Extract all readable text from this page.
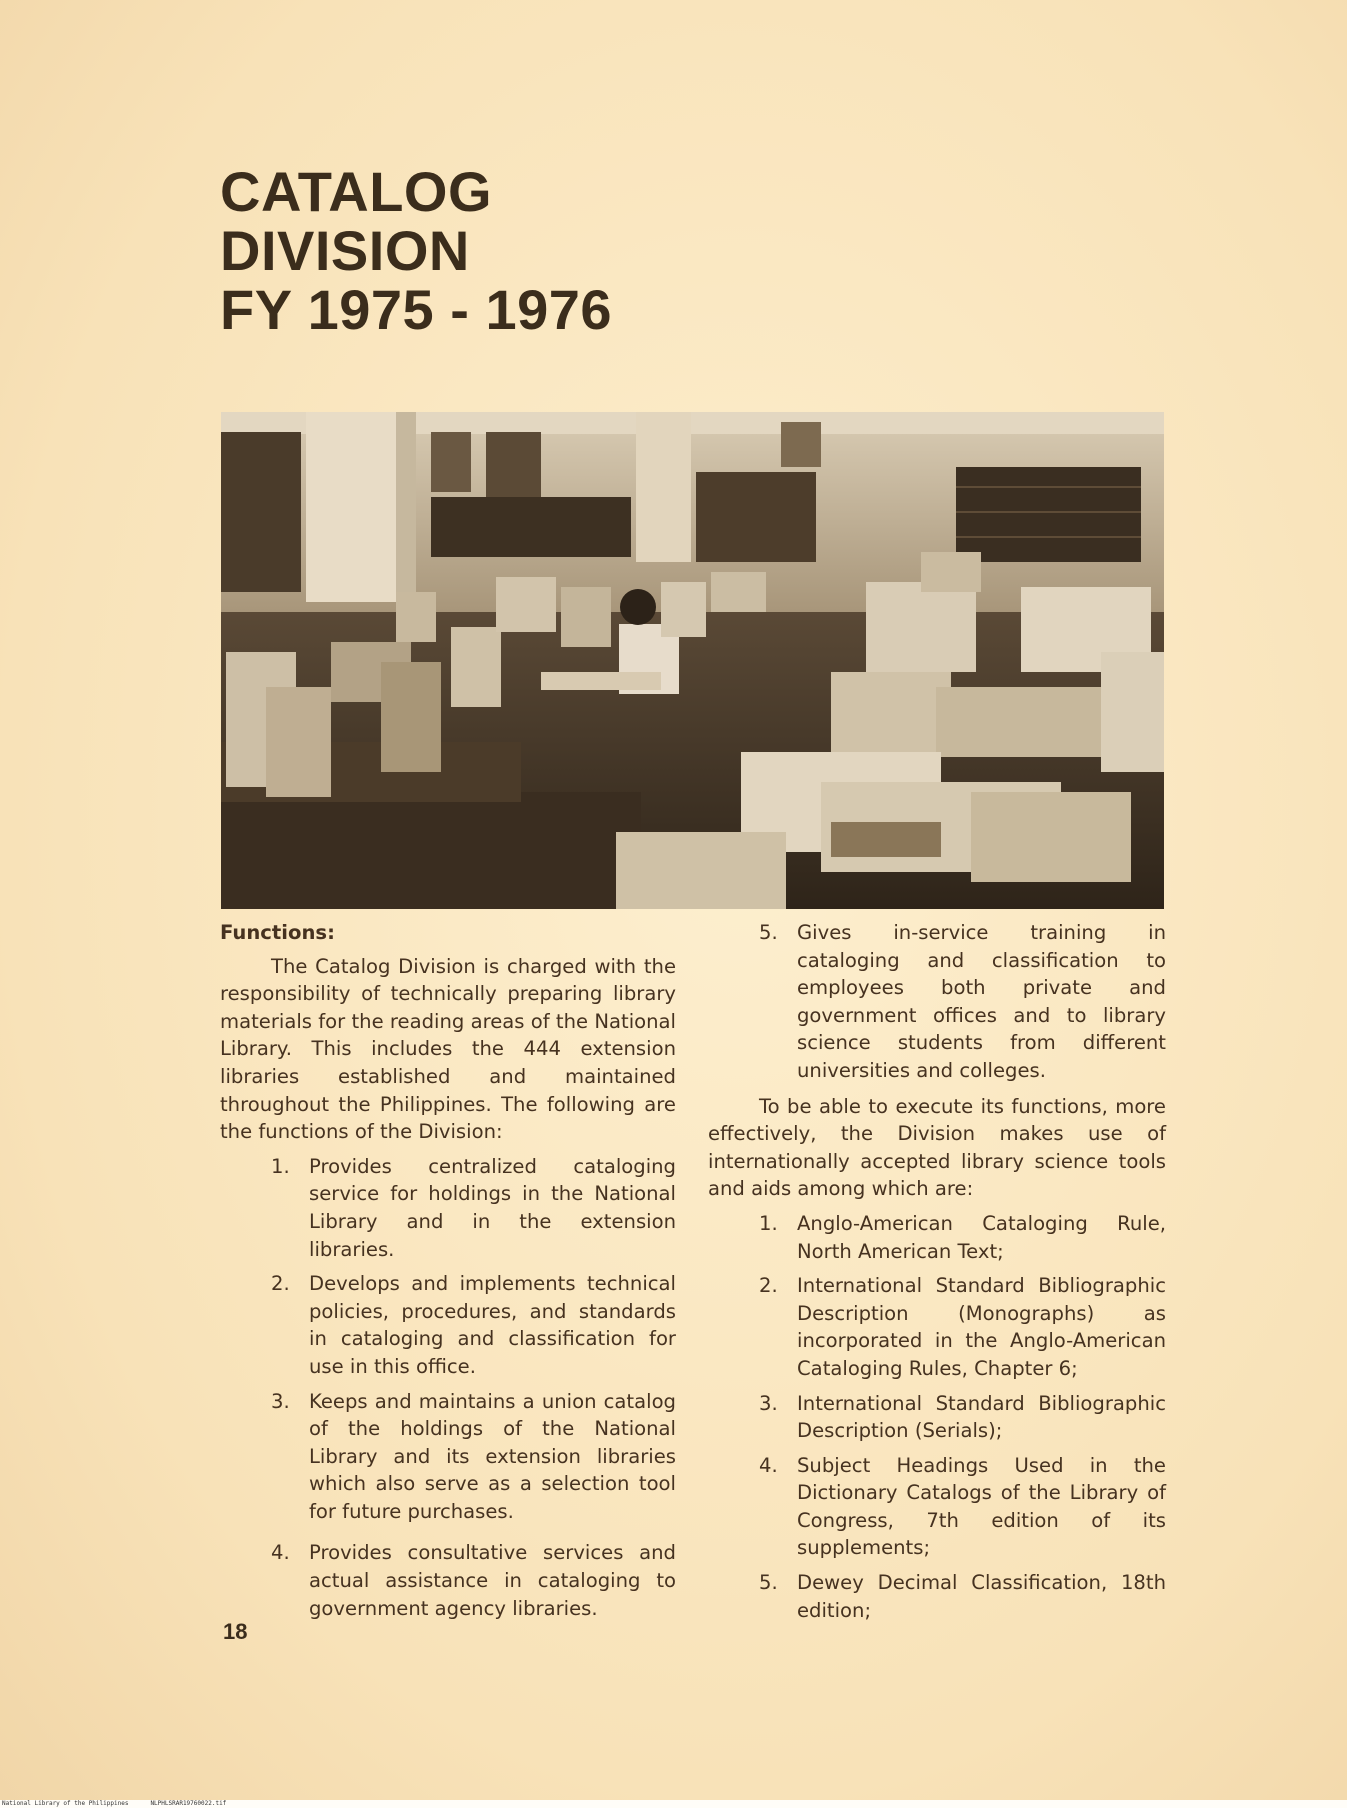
CATALOG
DIVISION
FY 1975 - 1976
Functions:

The Catalog Division is charged with the responsibility of technically preparing library materials for the reading areas of the National Library. This includes the 444 extension libraries established and maintained throughout the Philippines. The following are the functions of the Division:

1. Provides centralized cataloging service for holdings in the National Library and in the extension libraries.
2. Develops and implements technical policies, procedures, and standards in cataloging and classification for use in this office.
3. Keeps and maintains a union catalog of the holdings of the National Library and its extension libraries which also serve as a selection tool for future purchases.
4. Provides consultative services and actual assistance in cataloging to government agency libraries.
5. Gives in-service training in cataloging and classification to employees both private and government offices and to library science students from different universities and colleges.

To be able to execute its functions, more effectively, the Division makes use of internationally accepted library science tools and aids among which are:

1. Anglo-American Cataloging Rule, North American Text;
2. International Standard Bibliographic Description (Monographs) as incorporated in the Anglo-American Cataloging Rules, Chapter 6;
3. International Standard Bibliographic Description (Serials);
4. Subject Headings Used in the Dictionary Catalogs of the Library of Congress, 7th edition of its supplements;
5. Dewey Decimal Classification, 18th edition;
18
National Library of the Philippines	NLPHLSRAR19760022.tif
